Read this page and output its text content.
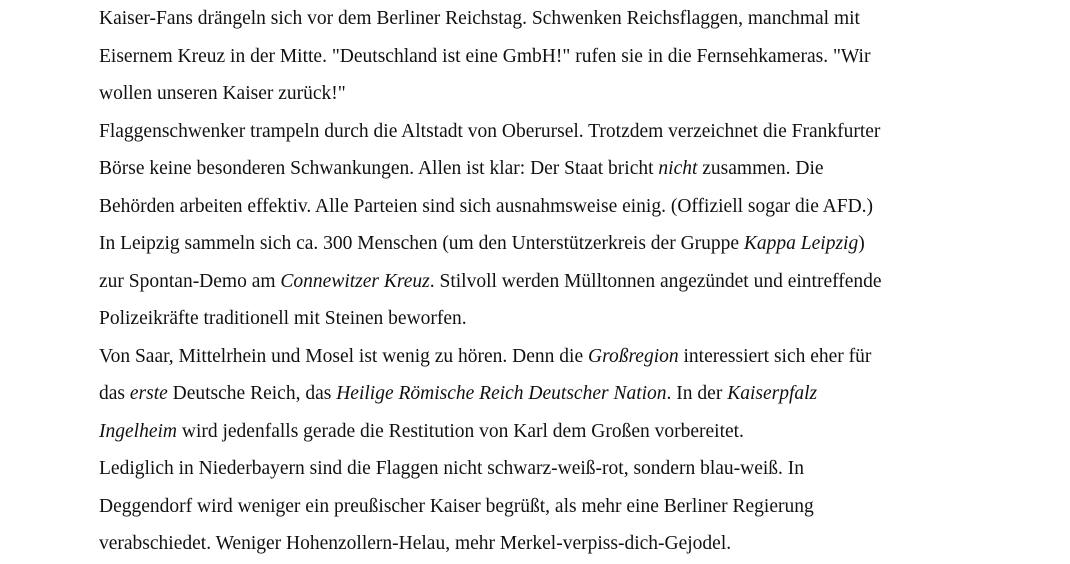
Kaiser-Fans drängeln sich vor dem Berliner Reichstag. Schwenken Reichsflaggen, manchmal mit
Eisernem Kreuz in der Mitte. "Deutschland ist eine GmbH!" rufen sie in die Fernsehkameras. "Wir
wollen unseren Kaiser zurück!"

Flaggenschwenker trampeln durch die Altstadt von Oberursel. Trotzdem verzeichnet die Frankfurter
Börse keine besonderen Schwankungen. Allen ist klar: Der Staat bricht nicht zusammen. Die
Behörden arbeiten effektiv. Alle Parteien sind sich ausnahmsweise einig. (Offiziell sogar die AFD.)

In Leipzig sammeln sich ca. 300 Menschen (um den Unterstützerkreis der Gruppe Kappa Leipzig)
zur Spontan-Demo am Connewitzer Kreuz. Stilvoll werden Mülltonnen angezündet und eintreffende
Polizeikräfte traditionell mit Steinen beworfen.

Von Saar, Mittelrhein und Mosel ist wenig zu hören. Denn die Großregion interessiert sich eher für
das erste Deutsche Reich, das Heilige Römische Reich Deutscher Nation. In der Kaiserpfalz
Ingelheim wird jedenfalls gerade die Restitution von Karl dem Großen vorbereitet.

Lediglich in Niederbayern sind die Flaggen nicht schwarz-weiß-rot, sondern blau-weiß. In
Deggendorf wird weniger ein preußischer Kaiser begrüßt, als mehr eine Berliner Regierung
verabschiedet. Weniger Hohenzollern-Helau, mehr Merkel-verpiss-dich-Gejodel.
